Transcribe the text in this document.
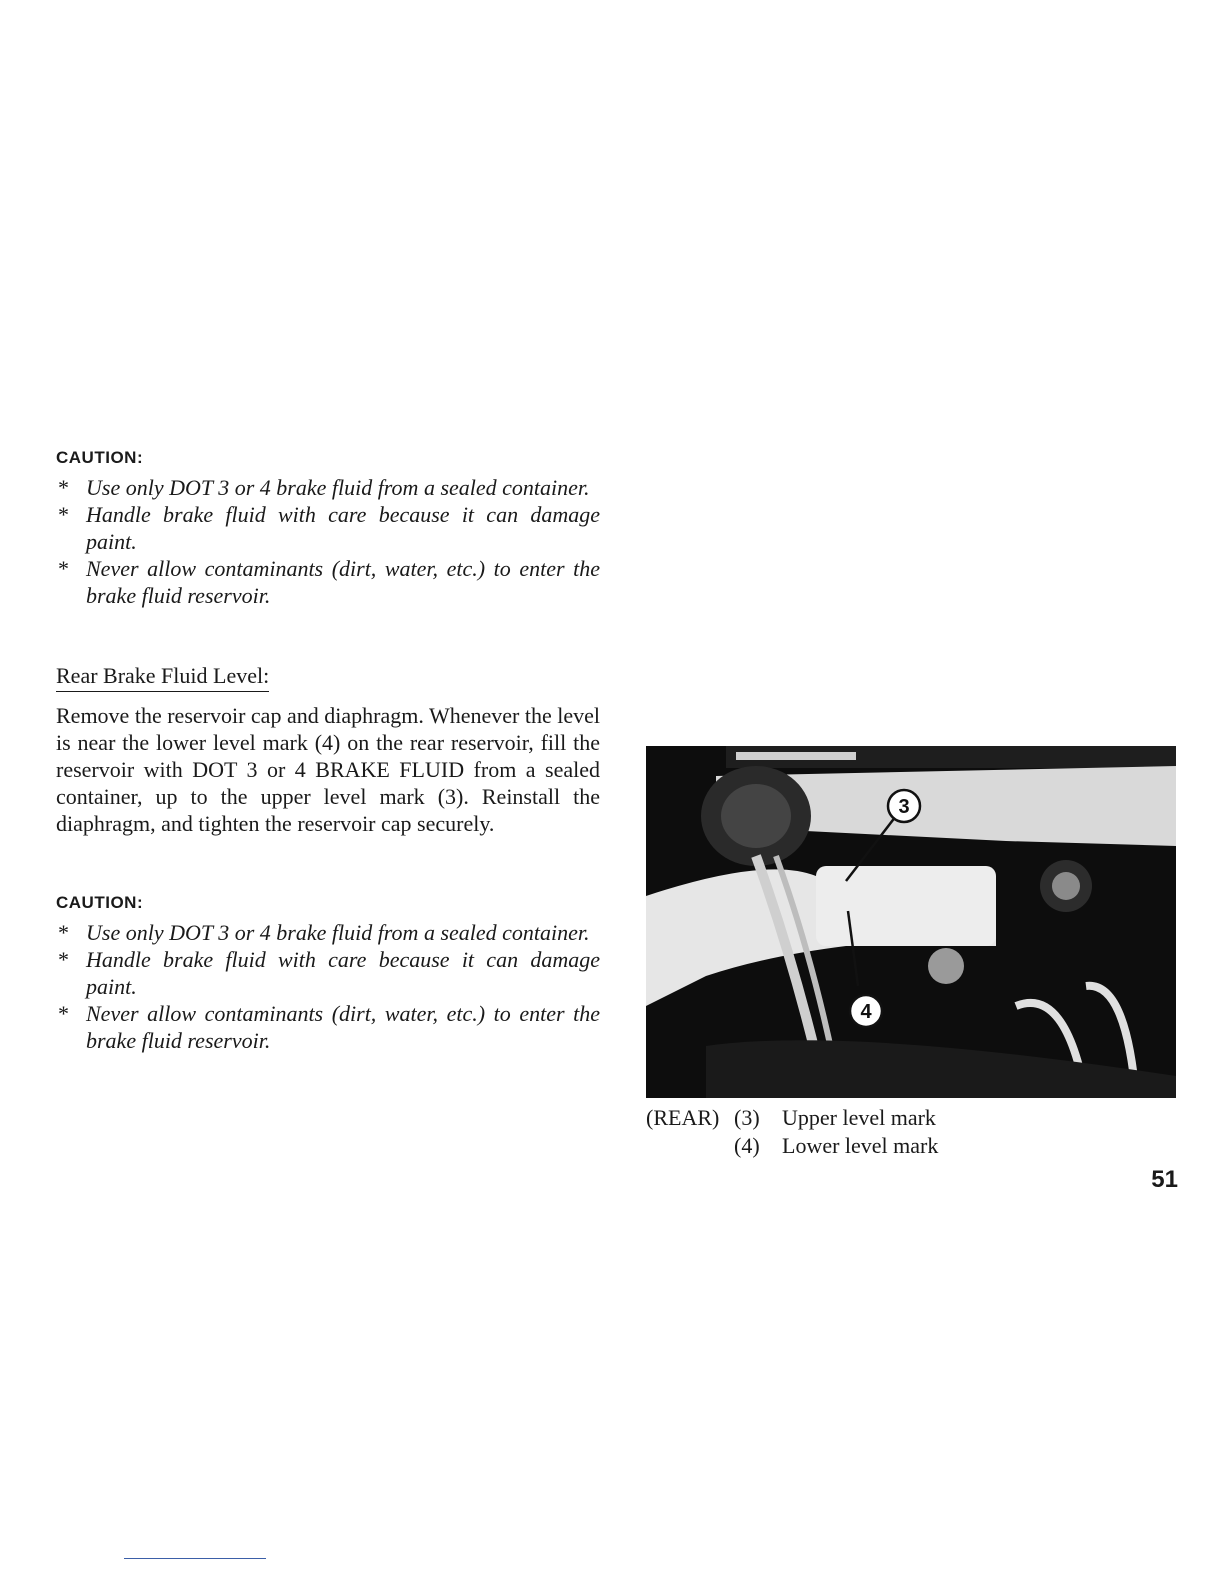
CAUTION:
* Use only DOT 3 or 4 brake fluid from a sealed container.
* Handle brake fluid with care because it can damage paint.
* Never allow contaminants (dirt, water, etc.) to enter the brake fluid reservoir.
Rear Brake Fluid Level:

Remove the reservoir cap and diaphragm. Whenever the level is near the lower level mark (4) on the rear reservoir, fill the reservoir with DOT 3 or 4 BRAKE FLUID from a sealed container, up to the upper level mark (3). Reinstall the diaphragm, and tighten the reservoir cap securely.

CAUTION:
* Use only DOT 3 or 4 brake fluid from a sealed container.
* Handle brake fluid with care because it can damage paint.
* Never allow contaminants (dirt, water, etc.) to enter the brake fluid reservoir.
3
4
(REAR) (3)	Upper level mark
(4)	Lower level mark
51
